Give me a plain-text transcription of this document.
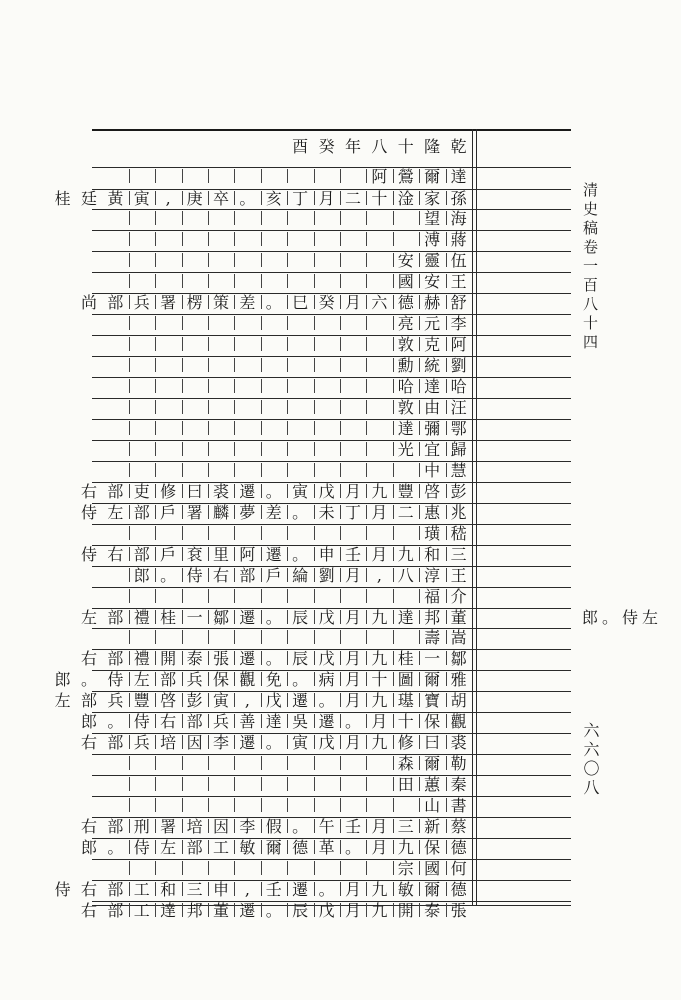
酉 癸 年 八 十 隆 乾
阿 鶯 爾 達
桂 廷 黃 寅 , 庚 卒 。 亥 丁 月 二 十 淦 家 孫
望 海
溥 蔣
安 靈 伍
國 安 王
尚 部 兵 署 楞 策 差 。 巳 癸 月 六 德 赫 舒
亮 元 李
敦 克 阿
勳 統 劉
哈 達 哈
敦 由 汪
達 彌 鄂
光 宜 歸
中 慧
右 部 吏 修 曰 裘 遷 。 寅 戊 月 九 豐 啓 彭
侍 左 部 戶 署 麟 夢 差 。 未 丁 月 二 惠 兆
璜 嵇
侍 右 部 戶 袞 里 阿 遷 。 申 壬 月 九 和 三
郎 。 侍 右 部 戶 綸 劉 月 , 八 淳 王
福 介
左 部 禮 桂 一 鄒 遷 。 辰 戊 月 九 達 邦 董	郎 。 侍 左
壽 嵩
右 部 禮 開 泰 張 遷 。 辰 戊 月 九 桂 一 鄒
郎 。 侍 左 部 兵 保 觀 免 。 病 月 十 圖 爾 雅
左 部 兵 豐 啓 彭 寅 , 戊 遷 。 月 九 璂 寶 胡
郎 。 侍 右 部 兵 善 達 吳 遷 。 月 十 保 觀
右 部 兵 培 因 李 遷 。 寅 戊 月 九 修 曰 裘
森 爾 勒
田 蕙 秦
山 書
右 部 刑 署 培 因 李 假 。 午 壬 月 三 新 蔡
郎 。 侍 左 部 工 敏 爾 德 革 。 月 九 保 德
宗 國 何
侍 右 部 工 和 三 申 , 壬 遷 。 月 九 敏 爾 德
右 部 工 達 邦 董 遷 。 辰 戊 月 九 開 泰 張
清史稿卷一百八十四
六六〇八
